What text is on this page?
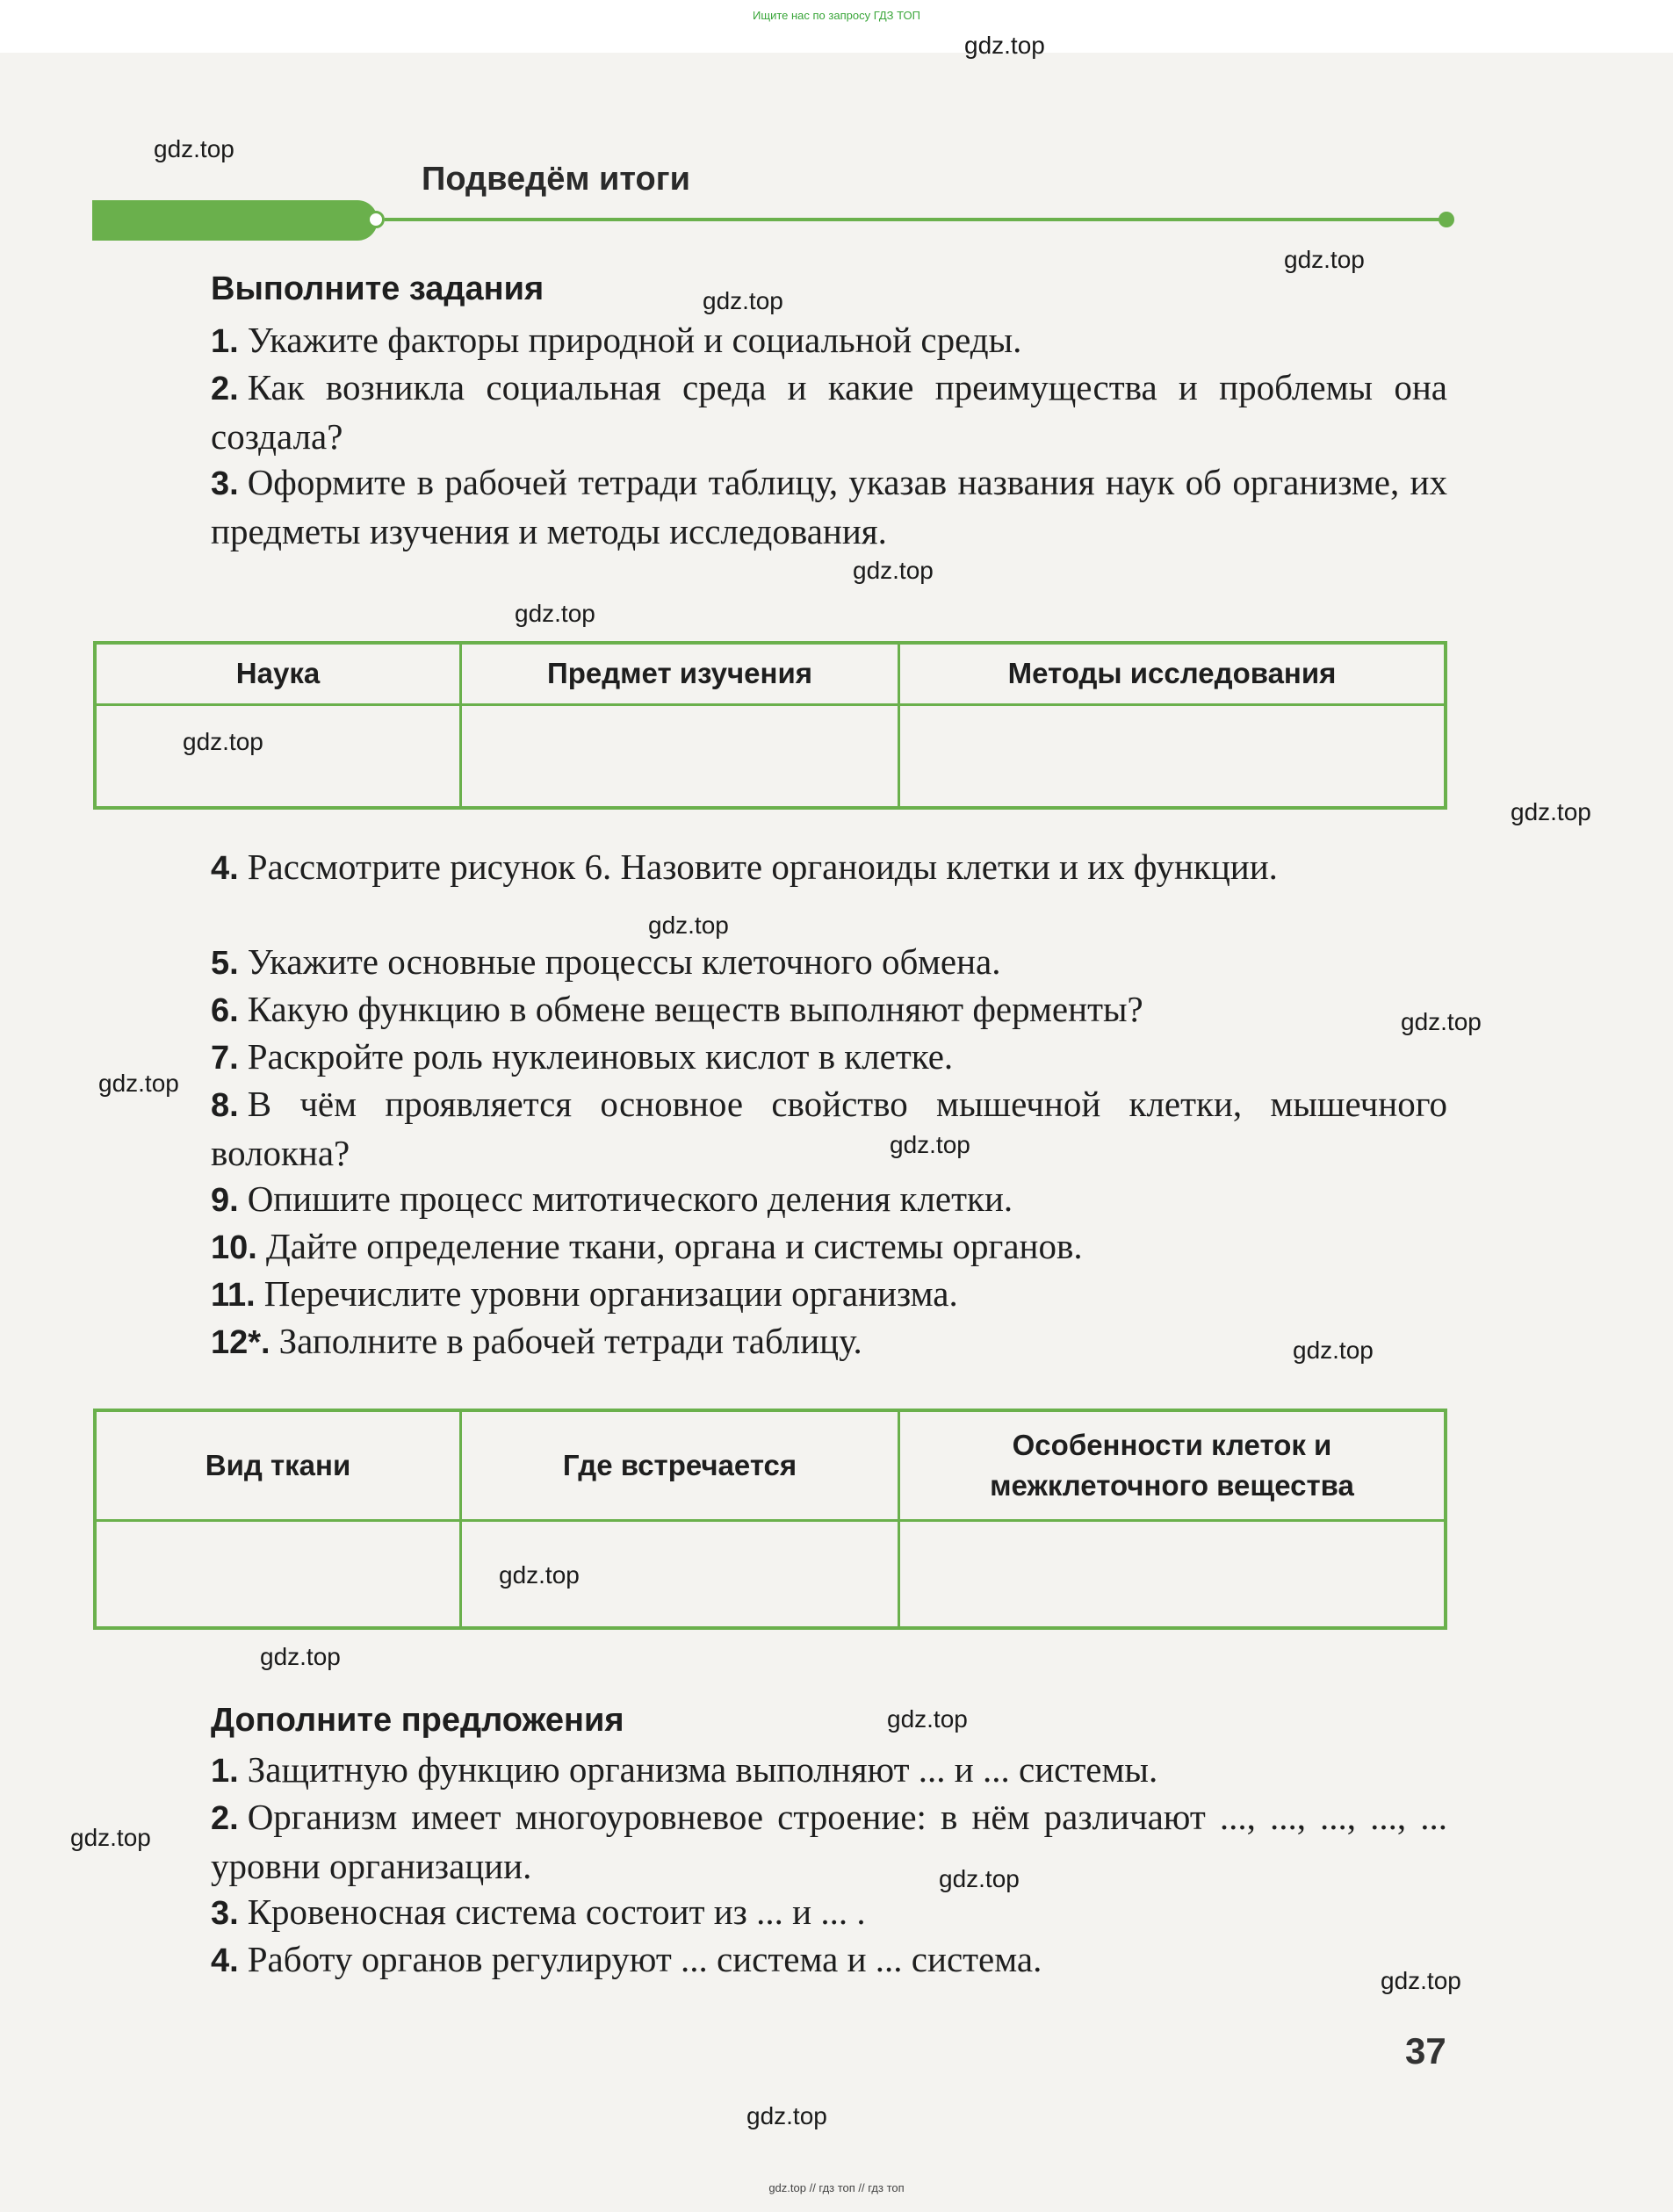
Ищите нас по запросу ГДЗ ТОП
gdz.top
gdz.top
gdz.top
gdz.top
gdz.top
gdz.top
gdz.top
gdz.top
gdz.top
gdz.top
gdz.top
gdz.top
gdz.top
gdz.top
gdz.top
gdz.top
gdz.top
gdz.top
gdz.top
gdz.top
Подведём итоги
Выполните задания
1. Укажите факторы природной и социальной среды.
2. Как возникла социальная среда и какие преимущества и проблемы она создала?
3. Оформите в рабочей тетради таблицу, указав названия наук об организме, их предметы изучения и методы исследования.
Наука	Предмет изучения	Методы исследования

4. Рассмотрите рисунок 6. Назовите органоиды клетки и их функции.
5. Укажите основные процессы клеточного обмена.
6. Какую функцию в обмене веществ выполняют ферменты?
7. Раскройте роль нуклеиновых кислот в клетке.
8. В чём проявляется основное свойство мышечной клетки, мышечного волокна?
9. Опишите процесс митотического деления клетки.
10. Дайте определение ткани, органа и системы органов.
11. Перечислите уровни организации организма.
12*. Заполните в рабочей тетради таблицу.
Вид ткани	Где встречается	Особенности клеток и межклеточного вещества

Дополните предложения
1. Защитную функцию организма выполняют ... и ... системы.
2. Организм имеет многоуровневое строение: в нём различают ..., ..., ..., ..., ... уровни организации.
3. Кровеносная система состоит из ... и ... .
4. Работу органов регулируют ... система и ... система.
37
gdz.top // гдз топ // гдз топ
